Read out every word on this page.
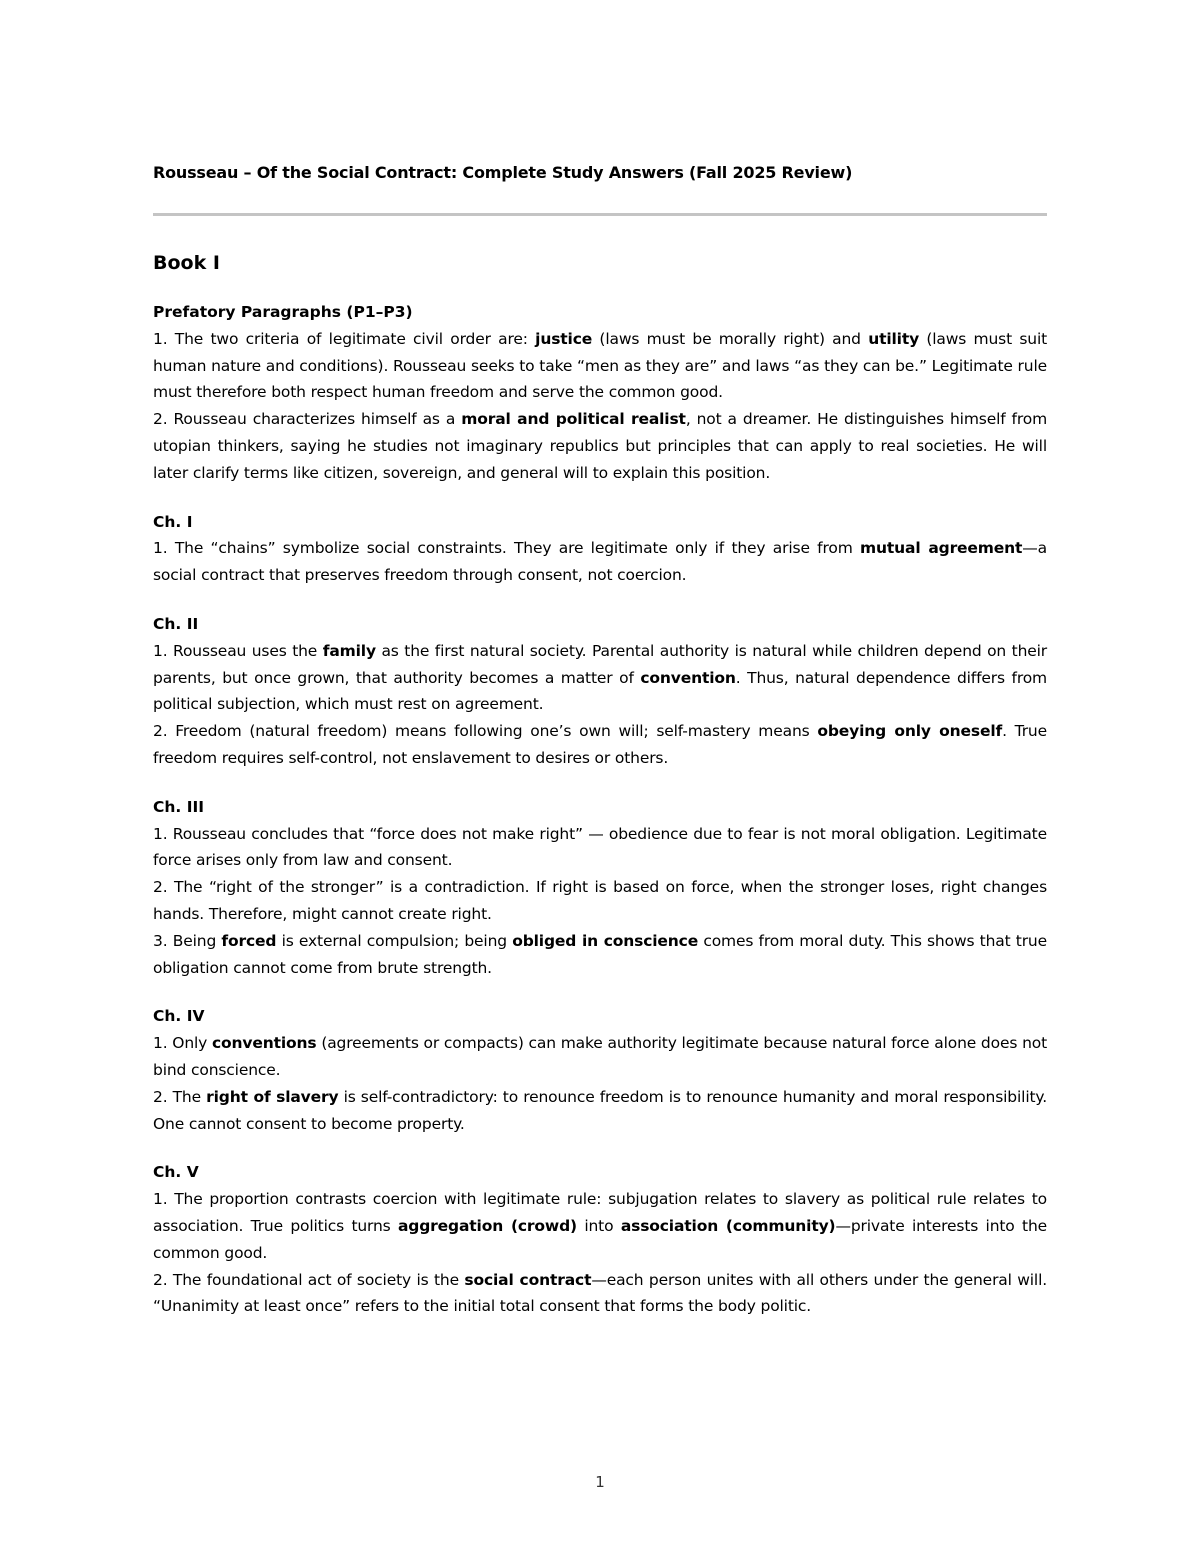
Rousseau – Of the Social Contract: Complete Study Answers (Fall 2025 Review)
Book I
Prefatory Paragraphs (P1–P3)

1. The two criteria of legitimate civil order are: justice (laws must be morally right) and utility (laws must suit human nature and conditions). Rousseau seeks to take “men as they are” and laws “as they can be.” Legitimate rule must therefore both respect human freedom and serve the common good.

2. Rousseau characterizes himself as a moral and political realist, not a dreamer. He distinguishes himself from utopian thinkers, saying he studies not imaginary republics but principles that can apply to real societies. He will later clarify terms like citizen, sovereign, and general will to explain this position.

Ch. I

1. The “chains” symbolize social constraints. They are legitimate only if they arise from mutual agreement—a social contract that preserves freedom through consent, not coercion.

Ch. II

1. Rousseau uses the family as the first natural society. Parental authority is natural while children depend on their parents, but once grown, that authority becomes a matter of convention. Thus, natural dependence differs from political subjection, which must rest on agreement.

2. Freedom (natural freedom) means following one’s own will; self-mastery means obeying only oneself. True freedom requires self-control, not enslavement to desires or others.

Ch. III

1. Rousseau concludes that “force does not make right” — obedience due to fear is not moral obligation. Legitimate force arises only from law and consent.

2. The “right of the stronger” is a contradiction. If right is based on force, when the stronger loses, right changes hands. Therefore, might cannot create right.

3. Being forced is external compulsion; being obliged in conscience comes from moral duty. This shows that true obligation cannot come from brute strength.

Ch. IV

1. Only conventions (agreements or compacts) can make authority legitimate because natural force alone does not bind conscience.

2. The right of slavery is self-contradictory: to renounce freedom is to renounce humanity and moral responsibility. One cannot consent to become property.

Ch. V

1. The proportion contrasts coercion with legitimate rule: subjugation relates to slavery as political rule relates to association. True politics turns aggregation (crowd) into association (community)—private interests into the common good.

2. The foundational act of society is the social contract—each person unites with all others under the general will. “Unanimity at least once” refers to the initial total consent that forms the body politic.

1
